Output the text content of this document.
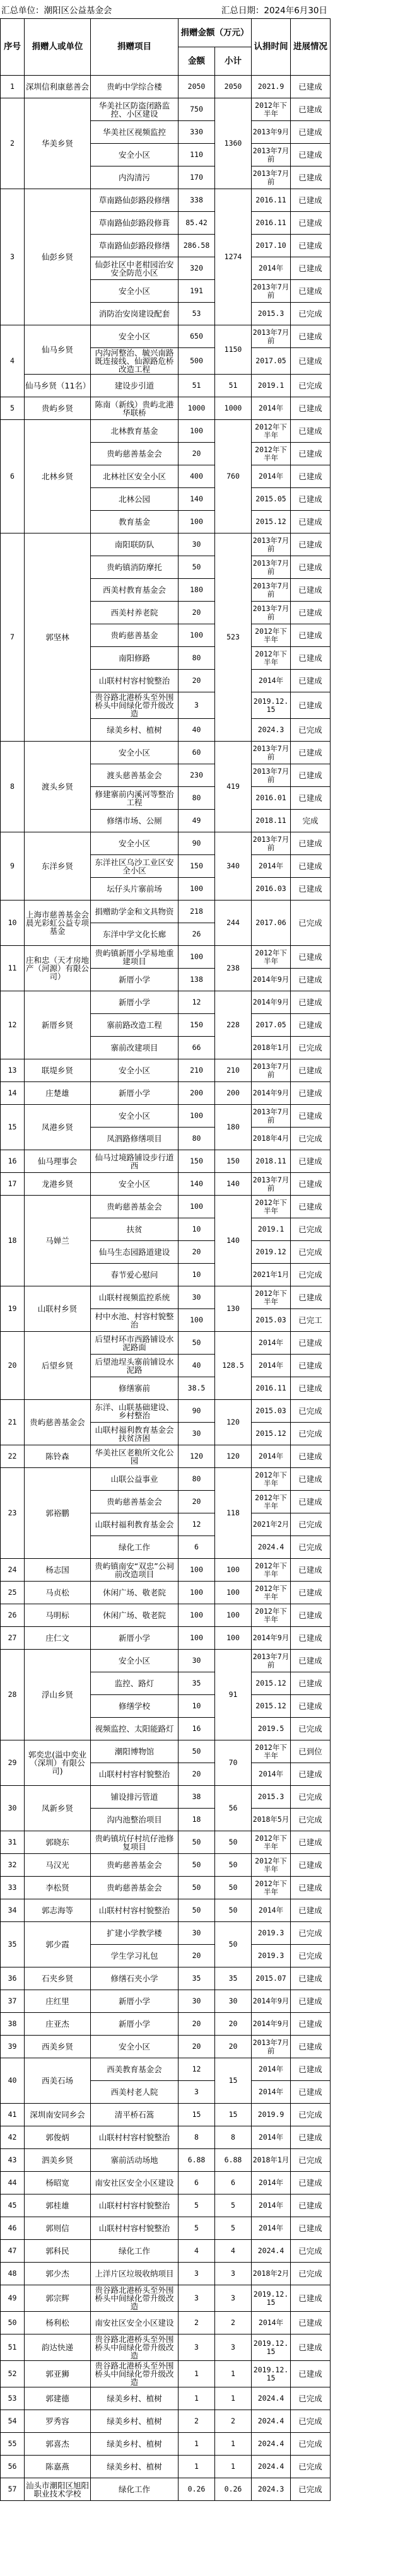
汇总单位：潮阳区公益基金会	汇总日期：2024年6月30日
序号	捐赠人或单位	捐赠项目	捐赠金额（万元）		认捐时间	进展情况
			金额	小计		
1	深圳信利康慈善会	贵屿中学综合楼	2050	2050	2021.9	已建成
2	华美乡贤	华美社区防盗闭路监控、小区建设	750	1360	2012年下半年	已建成
		华美社区视频监控	330		2013年9月	已建成
		安全小区	110		2013年7月前	已建成
		内沟清污	170		2013年7月前	已建成
3	仙彭乡贤	草南路仙彭路段修缮	338	1274	2016.11	已建成
		草南路仙彭路段修葺	85.42		2016.11	已建成
		草南路仙彭路段修缮	286.58		2017.10	已建成
		仙彭社区中老柑园治安安全防范小区	320		2014年	已建成
		安全小区	191		2013年7月前	已建成
		消防治安岗建设配套	53		2015.3	已完成
4	仙马乡贤	安全小区	650	1150	2013年7月前	已建成
		内沟河整治、毓兴南路既连接线、仙源路危桥改造工程	500		2017.05	已建成
	仙马乡贤（11名）	建设步引道	51	51	2019.1	已完成
5	贵屿乡贤	陈南（新线）贵屿北港华联桥	1000	1000	2014年	已建成
6	北林乡贤	北林教育基金	100	760	2012年下半年	已建成
		贵屿慈善基金会	20		2012年下半年	已建成
		北林社区安全小区	400		2014年	已建成
		北林公园	140		2015.05	已建成
		教育基金	100		2015.12	已建成
7	郭坚林	南阳联防队	30	523	2013年7月前	已建成
		贵屿镇消防摩托	50		2013年7月前	已建成
		西美村教育基金会	180		2013年7月前	已建成
		西美村养老院	20		2013年7月前	已建成
		贵屿慈善基金	100		2012年下半年	已建成
		南阳修路	80		2012年下半年	已建成
		山联村村容村貌整治	20		2014年	已建成
		贵谷路北港桥头至外围桥头中间绿化带升级改造	3		2019.12.15	已建成
		绿美乡村、植树	40		2024.3	已完成
8	渡头乡贤	安全小区	60	419	2013年7月前	已建成
		渡头慈善基金会	230		2013年7月前	已建成
		修建寨前内溪河等整治工程	80		2016.01	已建成
		修缮市场、公厕	49		2018.11	完成
9	东洋乡贤	安全小区	90	340	2013年7月前	已建成
		东洋社区乌沙工业区安全小区	150		2014年	已建成
		坛仔头片寨前场	100		2016.03	已建成
10	上海市慈善基金会晨光彩虹公益专项基金	捐赠助学金和文具物资	218	244	2017.06	已完成
		东洋中学文化长廊	26			
11	庄和忠（天才房地产（河源）有限公司）	贵屿镇新厝小学易地重建项目	100	238	2012年下半年	已建成
		新厝小学	138		2014年9月	已建成
12	新厝乡贤	新厝小学	12	228	2014年9月	已建成
		寨前路改造工程	150		2017.05	已建成
		寨前改建项目	66		2018年1月	已完成
13	联堤乡贤	安全小区	210	210	2013年7月前	已建成
14	庄楚雄	新厝小学	200	200	2014年9月	已建成
15	凤港乡贤	安全小区	100	180	2013年7月前	已建成
		凤泗路修缮项目	80		2018年4月	已完成
16	仙马理事会	仙马过境路铺设步行道西	150	150	2018.11	已建成
17	龙港乡贤	安全小区	140	140	2013年7月前	已建成
18	马婵兰	贵屿慈善基金会	100	140	2012年下半年	已建成
		扶贫	10		2019.1	已完成
		仙马生态园路道建设	20		2019.12	已完成
		春节爱心慰问	10		2021年1月	已完成
19	山联村乡贤	山联村视频监控系统	30	130	2012年下半年	已建成
		村中水池、村容村貌整治	100		2015.03	已完工
20	后望乡贤	后望村环市西路铺设水泥路面	50	128.5	2014年	已建成
		后望池埕头寨前铺设水泥路	40		2014年	已建成
		修缮寨前	38.5		2016.11	已建成
21	贵屿慈善基金会	东洋、山联基础建设、乡村整治	90	120	2015.03	已完成
		山联村福利教育基金会扶贫济困	30		2015.12	已完成
22	陈铃森	华美社区老粮所文化公园	120	120	2014年	已建成
23	郭裕鹏	山联公益事业	80	118	2012年下半年	已建成
		贵屿慈善基金会	20		2012年下半年	已建成
		山联村福利教育基金会	12		2021年2月	已完成
		绿化工作	6		2024.4	已完成
24	杨志国	贵屿镇南安“双忠”公祠前改造项目	100	100	2012年下半年	已建成
25	马贞松	休闲广场、敬老院	100	100	2012年下半年	已建成
26	马明标	休闲广场、敬老院	100	100	2012年下半年	已建成
27	庄仁文	新厝小学	100	100	2014年9月	已建成
28	浮山乡贤	安全小区	30	91	2013年7月前	已建成
		监控、路灯	35		2015.12	已建成
		修缮学校	10		2015.12	已建成
		视频监控、太阳能路灯	16		2019.5	已完成
29	郭奕忠(溢中奕业（深圳）有限公司)	潮阳博物馆	50	70	2012年下半年	已到位
		山联村村容村貌整治	20		2014年	已建成
30	凤新乡贤	铺设排污管道	38	56	2015.3	已完成
		沟内池整治项目	18		2018年5月	已完成
31	郭晓东	贵屿镇坑仔村坑仔池修复项目	50	50	2012年下半年	已建成
32	马汉光	贵屿慈善基金会	50	50	2012年下半年	已建成
33	李松贤	贵屿慈善基金会	50	50	2012年下半年	已建成
34	郭志海等	山联村村容村貌整治	50	50	2014年	已建成
35	郭少霞	扩建小学教学楼	30	50	2019.3	已完成
		学生学习礼包	20		2019.3	已完成
36	石夹乡贤	修缮石夹小学	35	35	2015.07	已建成
37	庄红里	新厝小学	30	30	2014年9月	已建成
38	庄亚杰	新厝小学	20	20	2014年9月	已建成
39	西美乡贤	安全小区	20	20	2013年7月前	已建成
40	西美石场	西美教育基金会	12	15	2014年	已建成
		西美村老人院	3		2014年	已建成
41	深圳南安同乡会	清平桥石篙	15	15	2019.9	已完成
42	郭俊炳	山联村村容村貌整治	8	8	2014年	已建成
43	泗美乡贤	寨前活动场地	6.88	6.88	2018年1月	已完成
44	杨昭宽	南安社区安全小区建设	6	6	2014年	已建成
45	郭桂雄	山联村村容村貌整治	5	5	2014年	已建成
46	郭则信	山联村村容村貌整治	5	5	2014年	已建成
47	郭科民	绿化工作	4	4	2024.4	已完成
48	郭少杰	上洋片区垃圾收纳项目	3	3	2018年2月	已完成
49	郭宗辉	贵谷路北港桥头至外围桥头中间绿化带升级改造	3	3	2019.12.15	已建成
50	杨利松	南安社区安全小区建设	2	2	2014年	已建成
51	韵达快递	贵谷路北港桥头至外围桥头中间绿化带升级改造	3	3	2019.12.15	已建成
52	郭亚狮	贵谷路北港桥头至外围桥头中间绿化带升级改造	1	1	2019.12.15	已建成
53	郭建德	绿美乡村、植树	1	1	2024.4	已完成
54	罗秀容	绿美乡村、植树	2	2	2024.4	已完成
55	郭喜杰	绿美乡村、植树	1	1	2024.4	已完成
56	陈嘉燕	绿美乡村、植树	1	1	2024.4	已完成
57	汕头市潮阳区旭阳职业技术学校	绿化工作	0.26	0.26	2024.3	已完成
